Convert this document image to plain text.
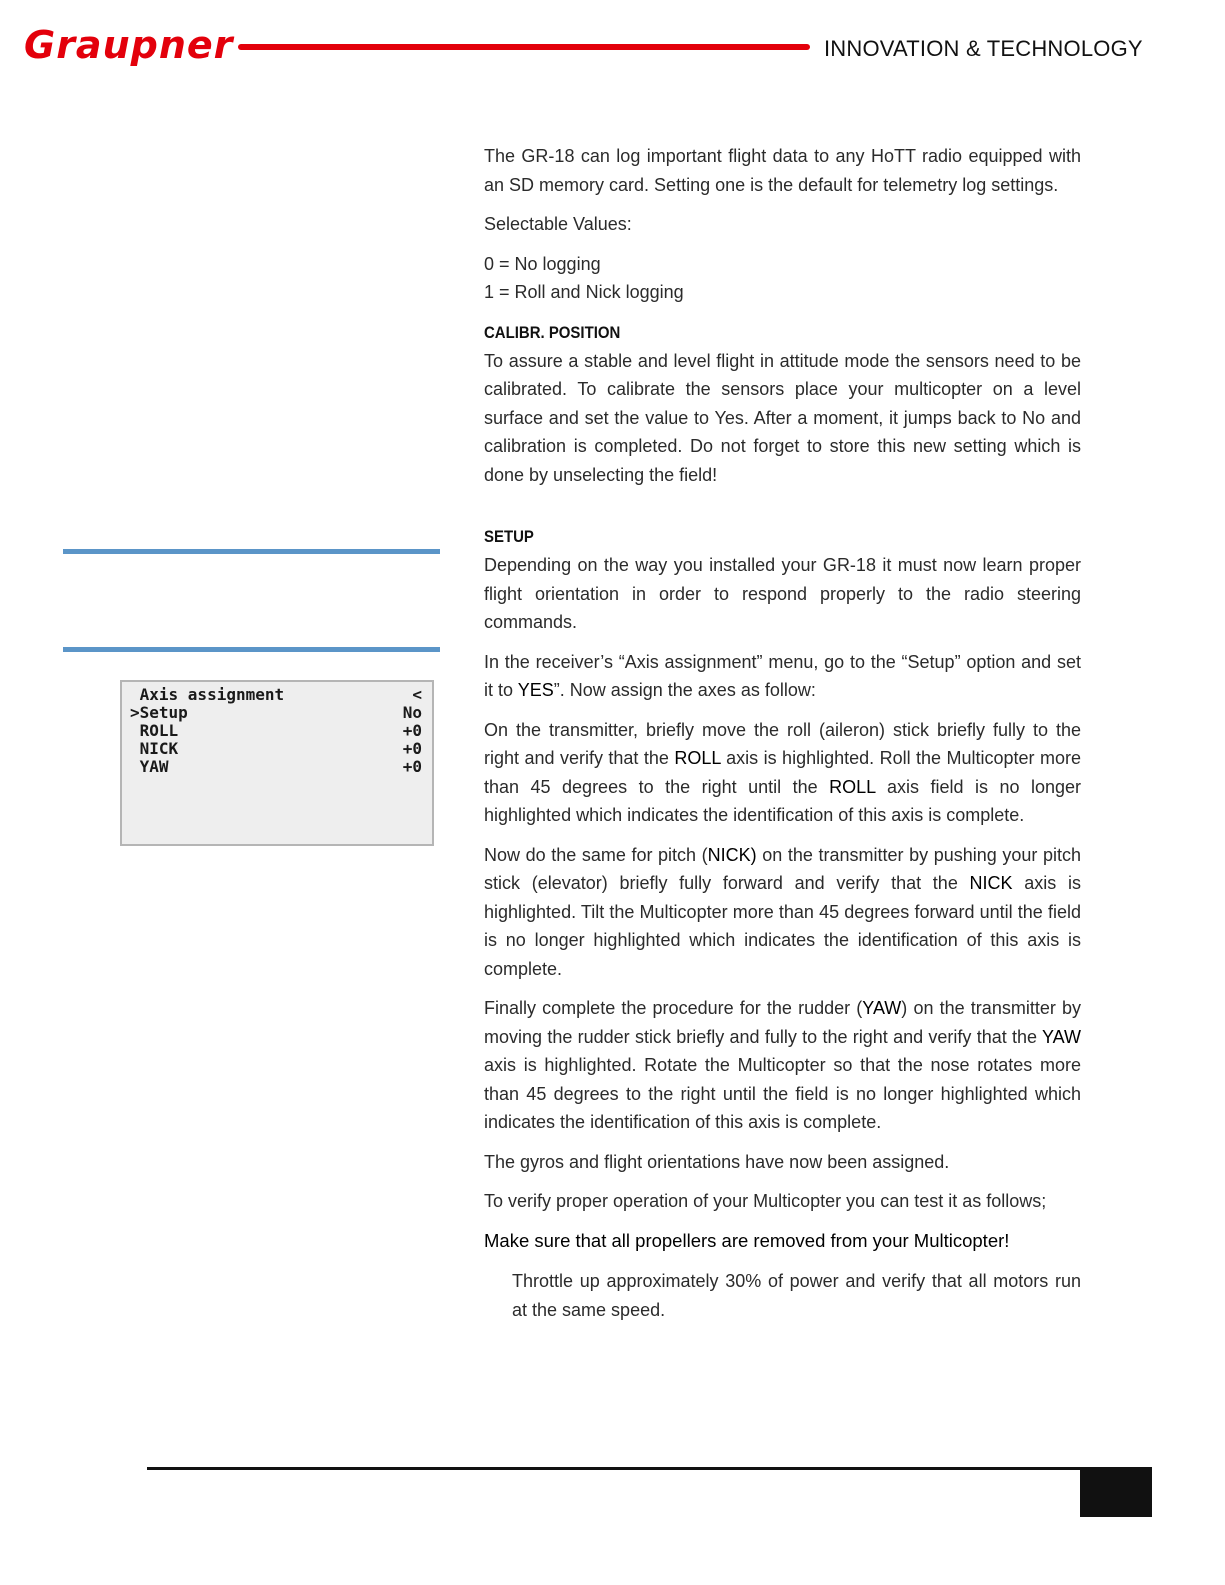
Graupner	INNOVATION & TECHNOLOGY
Axis assignment	<
>Setup	No
ROLL	+0
NICK	+0
YAW	+0

The GR-18 can log important flight data to any HoTT radio equipped with an SD memory card. Setting one is the default for telemetry log settings.

Selectable Values:

0 = No logging

1 = Roll and Nick logging

CALIBR. POSITION

To assure a stable and level flight in attitude mode the sensors need to be calibrated. To calibrate the sensors place your multicopter on a level surface and set the value to Yes. After a moment, it jumps back to No and calibration is completed. Do not forget to store this new setting which is done by unselecting the field!

SETUP

Depending on the way you installed your GR-18 it must now learn proper flight orientation in order to respond properly to the radio steering commands.

In the receiver’s “Axis assignment” menu, go to the “Setup” option and set it to YES”. Now assign the axes as follow:

On the transmitter, briefly move the roll (aileron) stick briefly fully to the right and verify that the ROLL axis is highlighted. Roll the Multicopter more than 45 degrees to the right until the ROLL axis field is no longer highlighted which indicates the identification of this axis is complete.

Now do the same for pitch (NICK) on the transmitter by pushing your pitch stick (elevator) briefly fully forward and verify that the NICK axis is highlighted. Tilt the Multicopter more than 45 degrees forward until the field is no longer highlighted which indicates the identification of this axis is complete.

Finally complete the procedure for the rudder (YAW) on the transmitter by moving the rudder stick briefly and fully to the right and verify that the YAW axis is highlighted. Rotate the Multicopter so that the nose rotates more than 45 degrees to the right until the field is no longer highlighted which indicates the identification of this axis is complete.

The gyros and flight orientations have now been assigned.

To verify proper operation of your Multicopter you can test it as follows;

Make sure that all propellers are removed from your Multicopter!

Throttle up approximately 30% of power and verify that all motors run at the same speed.
